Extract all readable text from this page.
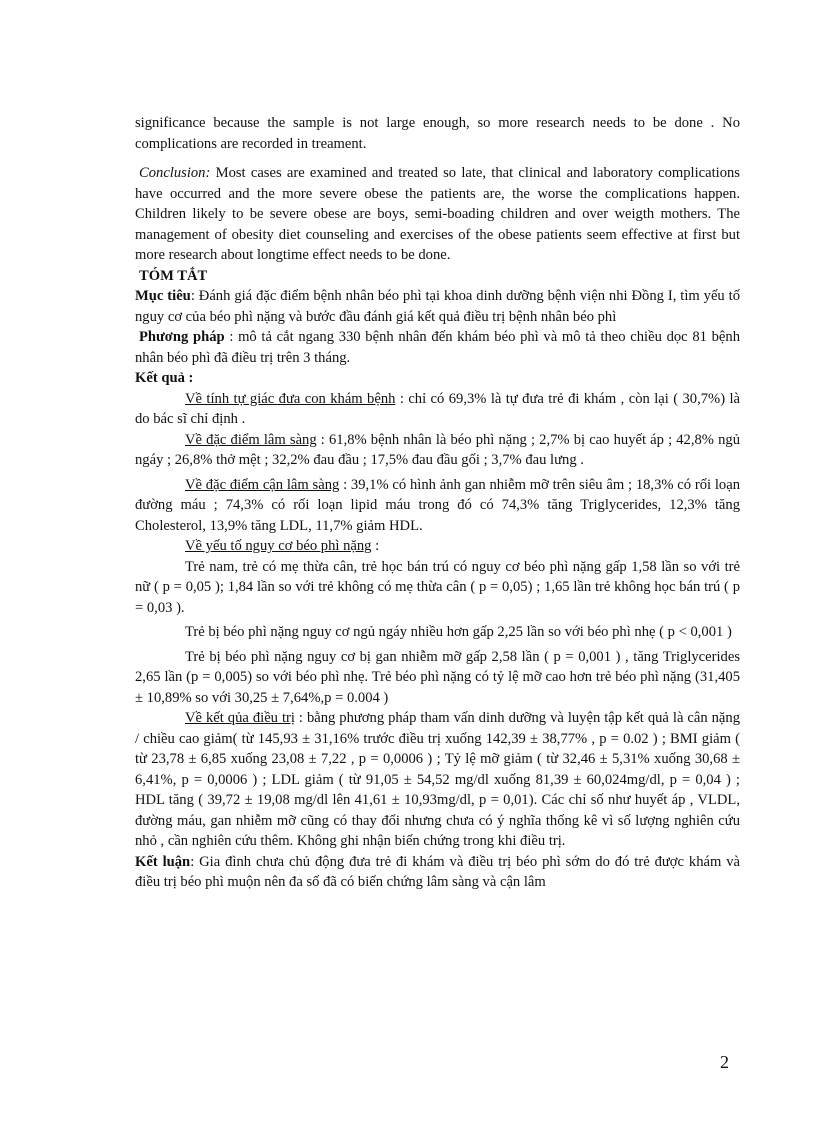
significance because the sample is not large enough, so more research needs to be done . No complications are recorded in treament.

Conclusion: Most cases are examined and treated so late, that clinical and laboratory complications have occurred and the more severe obese the patients are, the worse the complications happen. Children likely to be severe obese are boys, semi-boading children and over weigth mothers. The management of obesity diet counseling and exercises of the obese patients seem effective at first but more research about longtime effect needs to be done.

TÓM TẮT

Mục tiêu: Đánh giá đặc điểm bệnh nhân béo phì tại khoa dinh dưỡng bệnh viện nhi Đồng I, tìm yếu tố nguy cơ của béo phì nặng và bước đầu đánh giá kết quả điều trị bệnh nhân béo phì

Phương pháp : mô tả cắt ngang 330 bệnh nhân đến khám béo phì và mô tả theo chiều dọc 81 bệnh nhân béo phì đã điều trị trên 3 tháng.

Kết quả :

Về tính tự giác đưa con khám bệnh : chỉ có 69,3% là tự đưa trẻ đi khám , còn lại ( 30,7%) là do bác sĩ chỉ định .

Về đặc điểm lâm sàng : 61,8% bệnh nhân là béo phì nặng ; 2,7% bị cao huyết áp ; 42,8% ngủ ngáy ; 26,8% thở mệt ; 32,2% đau đầu ; 17,5% đau đầu gối ; 3,7% đau lưng .

Về đặc điểm cận lâm sàng : 39,1% có hình ảnh gan nhiễm mỡ trên siêu âm ; 18,3% có rối loạn đường máu ; 74,3% có rối loạn lipid máu trong đó có 74,3% tăng Triglycerides, 12,3% tăng Cholesterol, 13,9% tăng LDL, 11,7% giảm HDL.

Về yếu tố nguy cơ béo phì nặng :

Trẻ nam, trẻ có mẹ thừa cân, trẻ học bán trú có nguy cơ béo phì nặng gấp 1,58 lần so với trẻ nữ ( p = 0,05 ); 1,84 lần so với trẻ không có mẹ thừa cân ( p = 0,05) ; 1,65 lần trẻ không học bán trú ( p = 0,03 ).

Trẻ bị béo phì nặng nguy cơ ngủ ngáy nhiều hơn gấp 2,25 lần so với béo phì nhẹ ( p < 0,001 )

Trẻ bị béo phì nặng nguy cơ bị gan nhiễm mỡ gấp 2,58 lần ( p = 0,001 ) , tăng Triglycerides 2,65 lần (p = 0,005) so với béo phì nhẹ. Trẻ béo phì nặng có tỷ lệ mỡ cao hơn trẻ béo phì nặng (31,405 ± 10,89% so với 30,25 ± 7,64%,p = 0.004 )

Về kết qủa điều trị : bằng phương pháp tham vấn dinh dưỡng và luyện tập kết quả là cân nặng / chiều cao giảm( từ 145,93 ± 31,16% trước điều trị xuống 142,39 ± 38,77% , p = 0.02 ) ; BMI giảm ( từ 23,78 ± 6,85 xuống 23,08 ± 7,22 , p = 0,0006 ) ; Tỷ lệ mỡ giảm ( từ 32,46 ± 5,31% xuống 30,68 ± 6,41%, p = 0,0006 ) ; LDL giảm ( từ 91,05 ± 54,52 mg/dl xuống 81,39 ± 60,024mg/dl, p = 0,04 ) ; HDL tăng ( 39,72 ± 19,08 mg/dl lên 41,61 ± 10,93mg/dl, p = 0,01). Các chỉ số như huyết áp , VLDL, đường máu, gan nhiễm mỡ cũng có thay đổi nhưng chưa có ý nghĩa thống kê vì số lượng nghiên cứu nhỏ , cần nghiên cứu thêm. Không ghi nhận biến chứng trong khi điều trị.

Kết luận: Gia đình chưa chủ động đưa trẻ đi khám và điều trị béo phì sớm do đó trẻ được khám và điều trị béo phì muộn nên đa số đã có biến chứng lâm sàng và cận lâm

2
